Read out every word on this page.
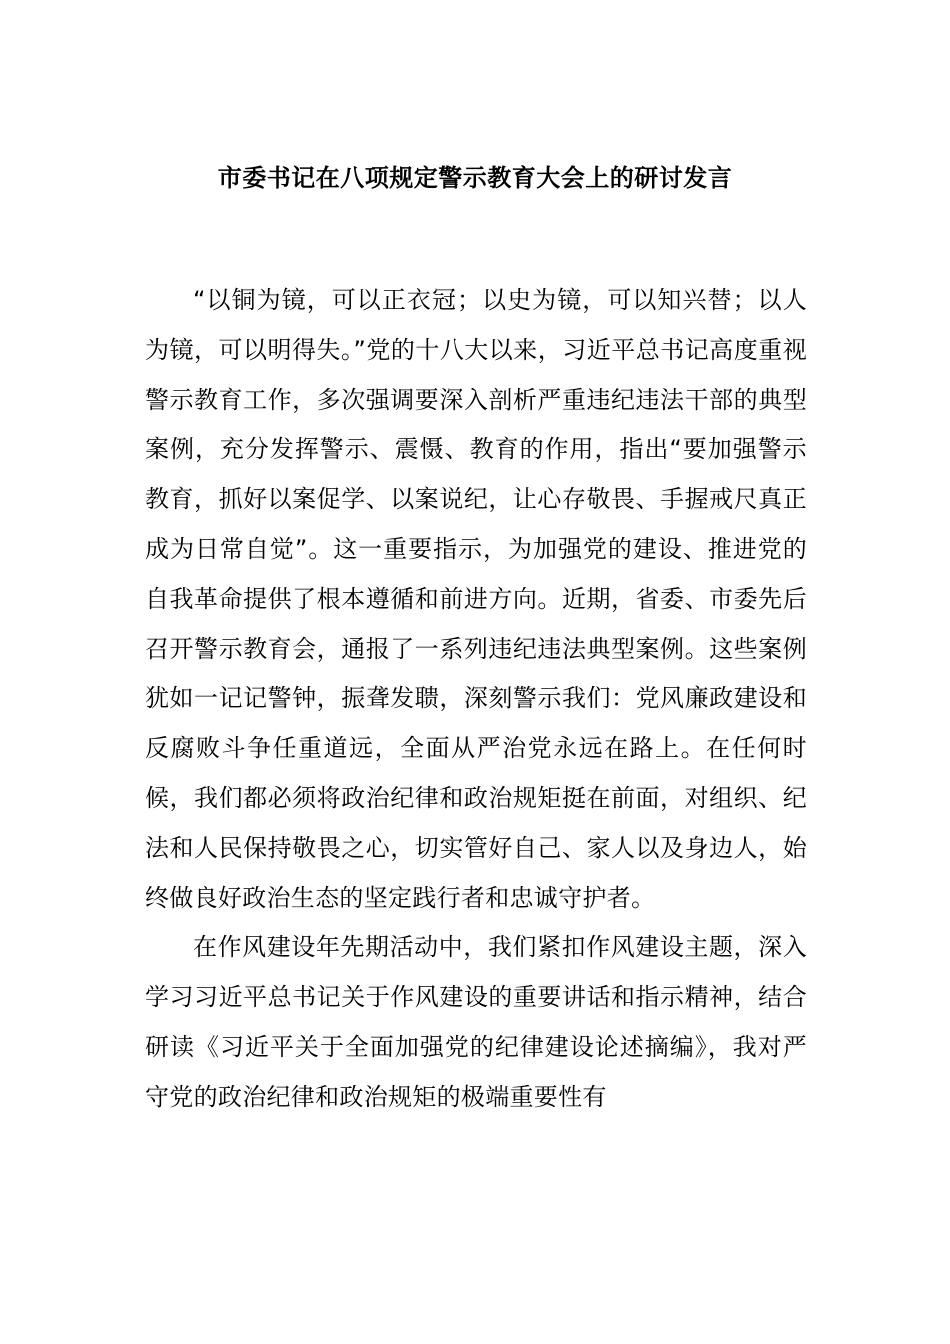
市委书记在八项规定警示教育大会上的研讨发言

“以铜为镜，可以正衣冠；以史为镜，可以知兴替；以人为镜，可以明得失。”党的十八大以来，习近平总书记高度重视警示教育工作，多次强调要深入剖析严重违纪违法干部的典型案例，充分发挥警示、震慑、教育的作用，指出“要加强警示教育，抓好以案促学、以案说纪，让心存敬畏、手握戒尺真正成为日常自觉”。这一重要指示，为加强党的建设、推进党的自我革命提供了根本遵循和前进方向。近期，省委、市委先后召开警示教育会，通报了一系列违纪违法典型案例。这些案例犹如一记记警钟，振聋发聩，深刻警示我们：党风廉政建设和反腐败斗争任重道远，全面从严治党永远在路上。在任何时候，我们都必须将政治纪律和政治规矩挺在前面，对组织、纪法和人民保持敬畏之心，切实管好自己、家人以及身边人，始终做良好政治生态的坚定践行者和忠诚守护者。

在作风建设年先期活动中，我们紧扣作风建设主题，深入学习习近平总书记关于作风建设的重要讲话和指示精神，结合研读《习近平关于全面加强党的纪律建设论述摘编》，我对严守党的政治纪律和政治规矩的极端重要性有
